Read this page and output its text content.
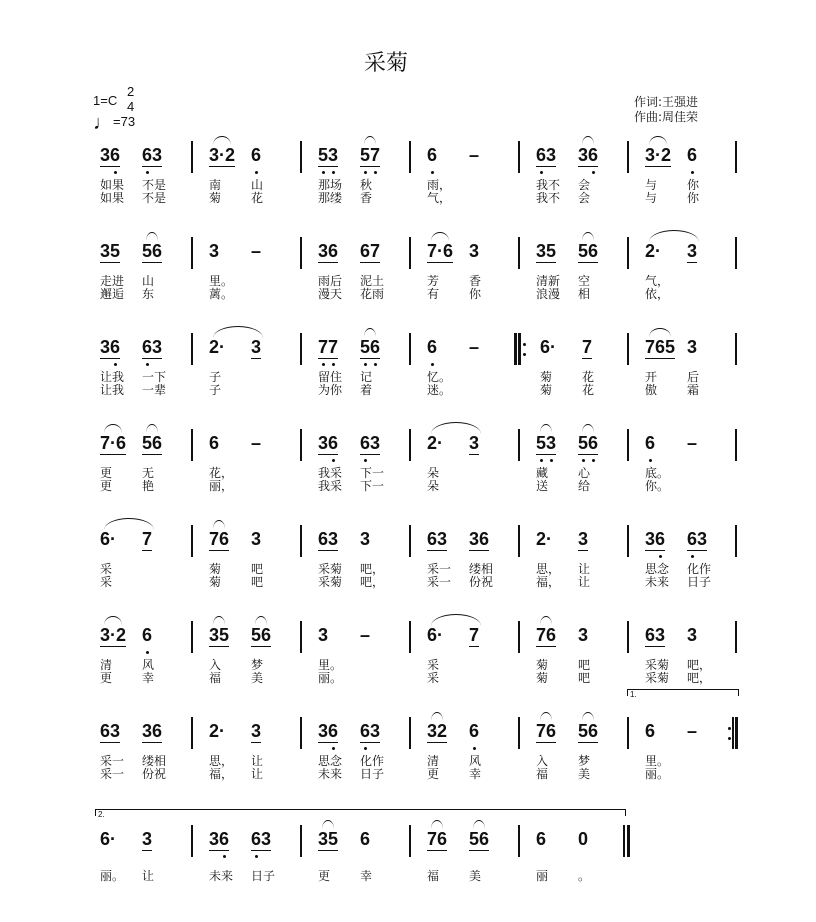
采菊
1=C
2
4
♩=73
作词:王强进
作曲:周佳荣
36 63
如果 不是
如果 不是
3·2 6
南 山
菊 花
53 57
那场 秋
那缕 香
6 –
雨，
气，
63 36
我不 会
我不 会
3·2 6
与 你
与 你
35 56
走进 山
邂逅 东
3 –
里。
蓠。
36 67
雨后 泥土
漫天 花雨
7·6 3
芳 香
有 你
35 56
清新 空
浪漫 相
2· 3
气，
依，
36 63
让我 一下
让我 一辈
2· 3
子
子
77 56
留住 记
为你 着
6 –
忆。
迷。
6· 7
菊 花
菊 花
765 3
开 后
傲 霜
7·6 56
更 无
更 艳
6 –
花，
丽，
36 63
我采 下一
我采 下一
2· 3
朵
朵
53 56
藏 心
送 给
6 –
底。
你。
6· 7
采
采
76 3
菊 吧
菊 吧
63 3
采菊 吧，
采菊 吧，
63 36
采一 缕相
采一 份祝
2· 3
思， 让
福， 让
36 63
思念 化作
未来 日子
3·2 6
清 风
更 幸
35 56
入 梦
福 美
3 –
里。
丽。
6· 7
采
采
76 3
菊 吧
菊 吧
63 3
采菊 吧，
采菊 吧，
63 36
采一 缕相
采一 份祝
2· 3
思， 让
福， 让
36 63
思念 化作
未来 日子
32 6
清 风
更 幸
76 56
入 梦
福 美
6 –
里。
丽。
1.
6· 3
丽。 让
36 63
未来 日子
35 6
更 幸
76 56
福 美
6 0
丽 。
2.
